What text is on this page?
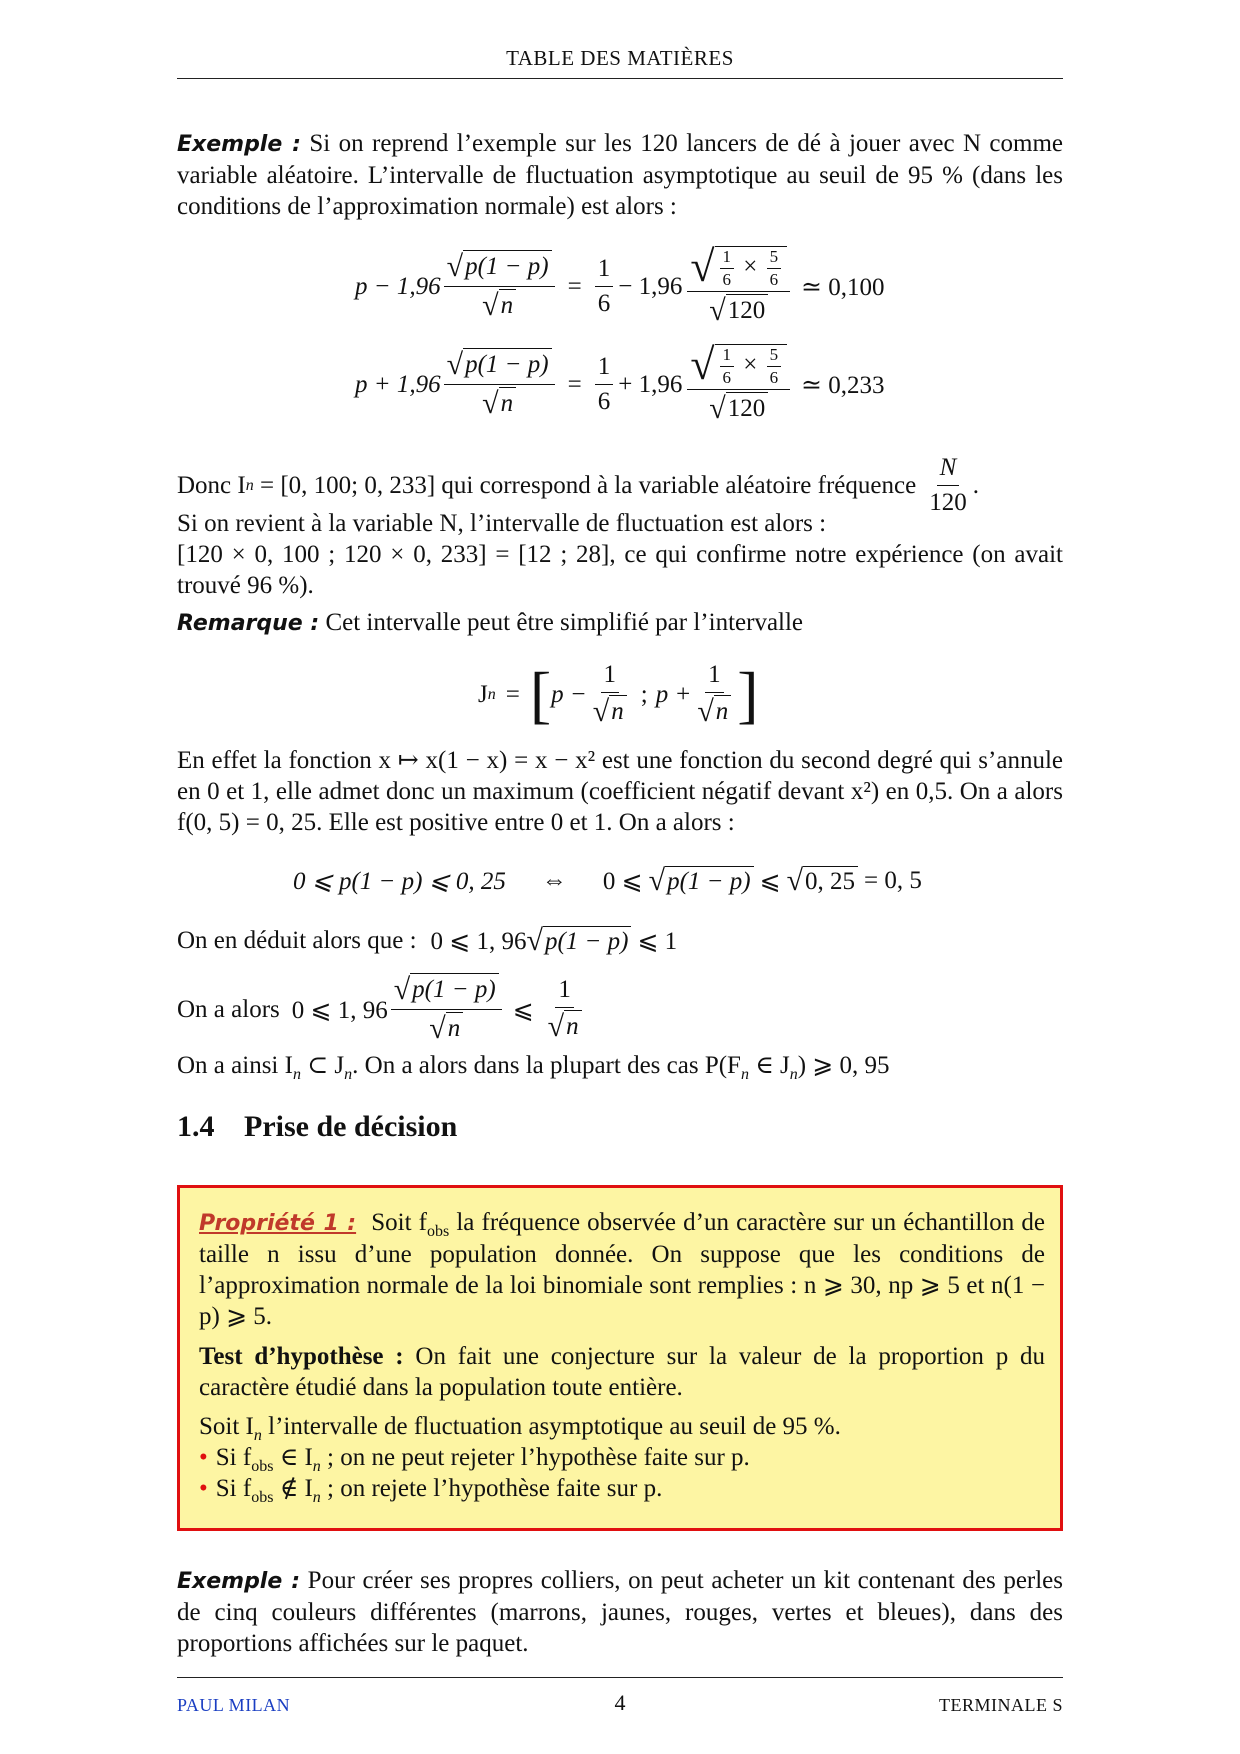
TABLE DES MATIÈRES
Exemple : Si on reprend l’exemple sur les 120 lancers de dé à jouer avec N comme variable aléatoire. L’intervalle de fluctuation asymptotique au seuil de 95 % (dans les conditions de l’approximation normale) est alors :
$p - 1,96 \frac{√ p(1 - p)}{√ n} = \frac{1}{6} - 1,96 \frac{√ \frac{1}{6} \times \frac{5}{6}}{√ 120}$ ≃ 0,100
$p + 1,96 \frac{√ p(1 - p)}{√ n} = \frac{1}{6} + 1,96 \frac{√ \frac{1}{6} \times \frac{5}{6}}{√ 120}$ ≃ 0,233
Donc I n = [0, 100; 0, 233] qui correspond à la variable aléatoire fréquence $\frac{N}{120}$ .
Si on revient à la variable N, l’intervalle de fluctuation est alors :
[120 × 0, 100 ; 120 × 0, 233] = [12 ; 28], ce qui confirme notre expérience (on avait trouvé 96 %).
Remarque : Cet intervalle peut être simplifié par l’intervalle
J n = [ $p - \frac{1}{√ n}$ ; $p + \frac{1}{√ n}$ ]
En effet la fonction x ↦ x(1 − x) = x − x² est une fonction du second degré qui s’annule en 0 et 1, elle admet donc un maximum (coefficient négatif devant x²) en 0,5. On a alors f(0, 5) = 0, 25. Elle est positive entre 0 et 1. On a alors :
0 ⩽ p(1 − p) ⩽ 0, 25 ⇔ 0 ⩽ √ p(1 − p) ⩽ √ 0, 25 = 0, 5
On en déduit alors que : 0 ⩽ 1, 96 √ p(1 − p) ⩽ 1
On a alors 0 ⩽ 1, $96 \frac{√ p(1 - p)}{√ n}$ ⩽ $\frac{1}{√ n}$
On a ainsi $I_n$ ⊂ $J_n$. On a alors dans la plupart des cas $P(F_n$ ∈ $J_n$) ⩾ 0, 95
1.4 Prise de décision
Propriété 1 : Soit $f_{obs}$ la fréquence observée d’un caractère sur un échantillon de taille n issu d’une population donnée. On suppose que les conditions de l’approximation normale de la loi binomiale sont remplies : n ⩾ 30, np ⩾ 5 et n(1 − p) ⩾ 5.
Test d’hypothèse : On fait une conjecture sur la valeur de la proportion p du caractère étudié dans la population toute entière.
Soit $I_n$ l’intervalle de fluctuation asymptotique au seuil de 95 %.
• Si $f_{obs}$ ∈ $I_n$ ; on ne peut rejeter l’hypothèse faite sur p.
• Si $f_{obs}$ ∉ $I_n$ ; on rejete l’hypothèse faite sur p.
Exemple : Pour créer ses propres colliers, on peut acheter un kit contenant des perles de cinq couleurs différentes (marrons, jaunes, rouges, vertes et bleues), dans des proportions affichées sur le paquet.
PAUL MILAN	4	TERMINALE S
